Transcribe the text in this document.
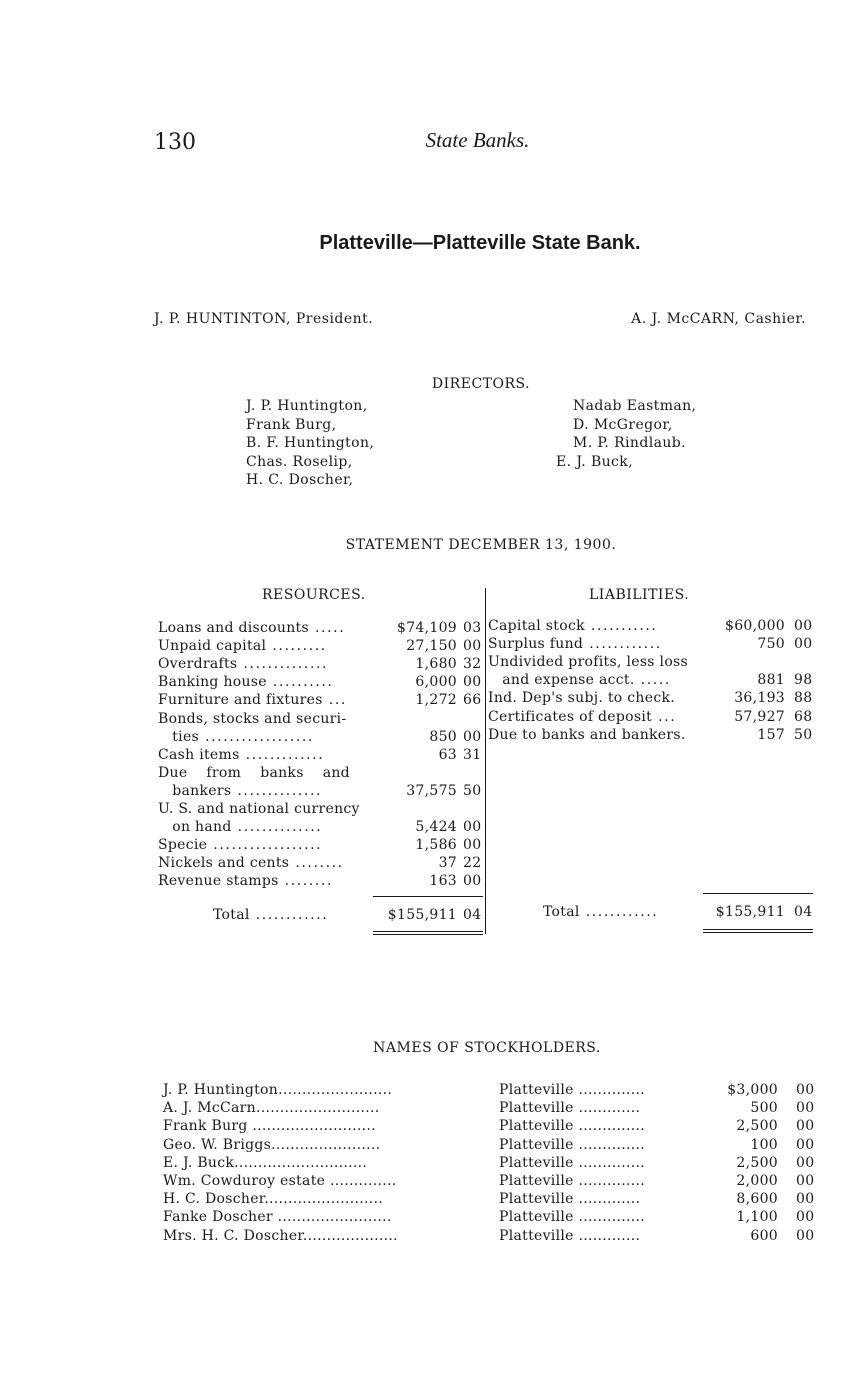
130	State Banks.
Platteville—Platteville State Bank.
J. P. HUNTINTON, President.	A. J. McCARN, Cashier.
DIRECTORS.
J. P. Huntington,
Frank Burg,
B. F. Huntington,
Chas. Roselip,
H. C. Doscher,
Nadab Eastman,
D. McGregor,
M. P. Rindlaub.
E. J. Buck,
STATEMENT DECEMBER 13, 1900.
RESOURCES.	LIABILITIES.
Loans and discounts .....	$74,109 03
Unpaid capital .........	27,150 00
Overdrafts ..............	1,680 32
Banking house ..........	6,000 00
Furniture and fixtures ...	1,272 66
Bonds, stocks and securi-
ties ..................	850 00
Cash items .............	63 31
Due    from    banks    and
bankers ..............	37,575 50
U. S. and national currency
on hand ..............	5,424 00
Specie ..................	1,586 00
Nickels and cents ........	37 22
Revenue stamps ........	163 00
Total ............	$155,911 04
Capital stock ...........	$60,000 00
Surplus fund ............	750 00
Undivided profits, less loss
and expense acct. .....	881 98
Ind. Dep's subj. to check.	36,193 88
Certificates of deposit ...	57,927 68
Due to banks and bankers.	157 50
Total ............	$155,911 04
NAMES OF STOCKHOLDERS.
J. P. Huntington........................	Platteville ..............	$3,000 00
A. J. McCarn..........................	Platteville .............	500 00
Frank Burg ..........................	Platteville ..............	2,500 00
Geo. W. Briggs.......................	Platteville ..............	100 00
E. J. Buck............................	Platteville ..............	2,500 00
Wm. Cowduroy estate ..............	Platteville ..............	2,000 00
H. C. Doscher.........................	Platteville .............	8,600 00
Fanke Doscher ........................	Platteville ..............	1,100 00
Mrs. H. C. Doscher....................	Platteville .............	600 00
